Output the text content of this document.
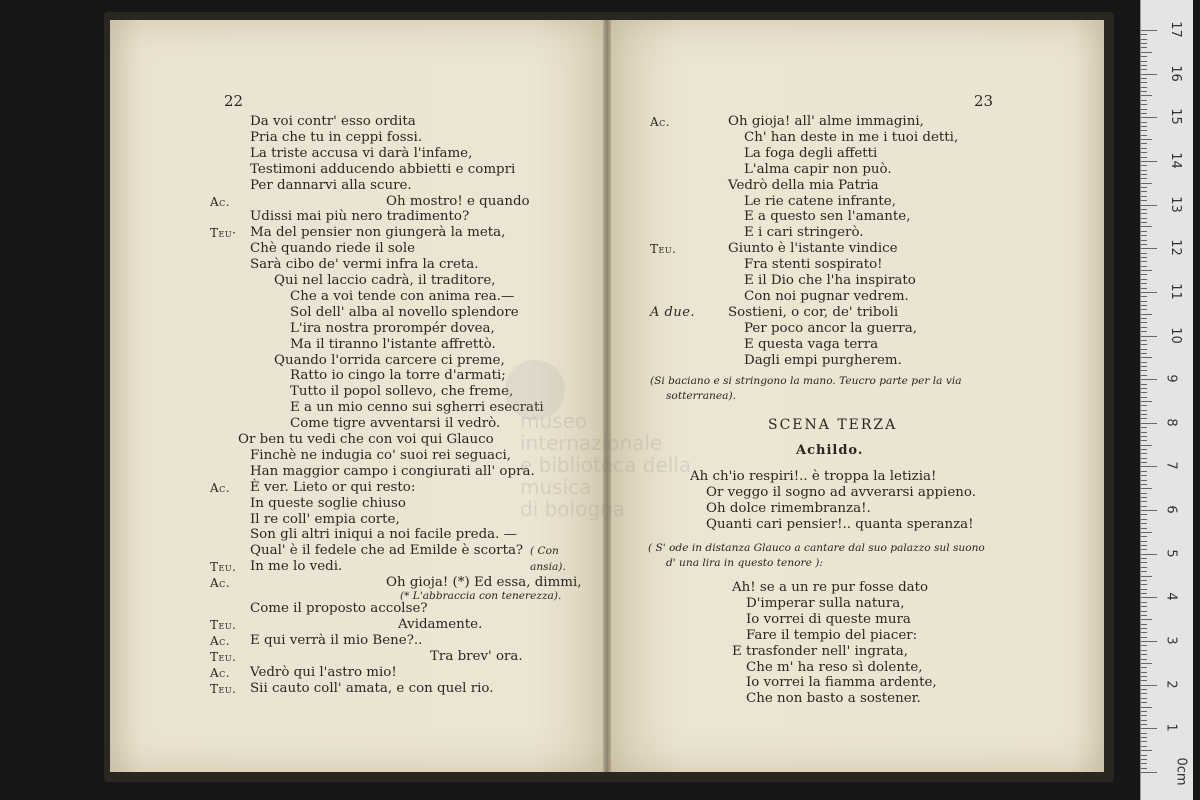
22
Da voi contr' esso ordita
Pria che tu in ceppi fossi.
La triste accusa vi darà l'infame,
Testimoni adducendo abbietti e compri
Per dannarvi alla scure.
Ac.	Oh mostro! e quando
Udissi mai più nero tradimento?
Teu· Ma del pensier non giungerà la meta,
Chè quando riede il sole
Sarà cibo de' vermi infra la creta.
Qui nel laccio cadrà, il traditore,
Che a voi tende con anima rea.—
Sol dell' alba al novello splendore
L'ira nostra prorompér dovea,
Ma il tiranno l'istante affrettò.
Quando l'orrida carcere ci preme,
Ratto io cingo la torre d'armati;
Tutto il popol sollevo, che freme,
E a un mio cenno sui sgherri esecrati
Come tigre avventarsi il vedrò.
Or ben tu vedi che con voi qui Glauco
Finchè ne indugia co' suoi rei seguaci,
Han maggior campo i congiurati all' opra.
Ac. È ver. Lieto or qui resto:
In queste soglie chiuso
Il re coll' empia corte,
Son gli altri iniqui a noi facile preda. —
Qual' è il fedele che ad Emilde è scorta? ( Con
Teu. In me lo vedi.	ansia).
Ac.	Oh gioja! (*) Ed essa, dimmi,
(* L'abbraccia con tenerezza).
Come il proposto accolse?
Teu.	Avidamente.
Ac. E qui verrà il mio Bene?..
Teu.	Tra brev' ora.
Ac. Vedrò qui l'astro mio!
Teu. Sii cauto coll' amata, e con quel rio.
23
Ac.	Oh gioja! all' alme immagini,
Ch' han deste in me i tuoi detti,
La foga degli affetti
L'alma capir non può.
Vedrò della mia Patria
Le rie catene infrante,
E a questo sen l'amante,
E i cari stringerò.
Teu.	Giunto è l'istante vindice
Fra stenti sospirato!
E il Dio che l'ha inspirato
Con noi pugnar vedrem.
A due. Sostieni, o cor, de' triboli
Per poco ancor la guerra,
E questa vaga terra
Dagli empi purgherem.
(Si baciano e si stringono la mano. Teucro parte per la via
sotterranea).
SCENA TERZA
Achildo.
Ah ch'io respiri!.. è troppa la letizia!
Or veggo il sogno ad avverarsi appieno.
Oh dolce rimembranza!.
Quanti cari pensier!.. quanta speranza!
( S' ode in distanza Glauco a cantare dal suo palazzo sul suono
d' una lira in questo tenore ):
Ah! se a un re pur fosse dato
D'imperar sulla natura,
Io vorrei di queste mura
Fare il tempio del piacer:
E trasfonder nell' ingrata,
Che m' ha reso sì dolente,
Io vorrei la fiamma ardente,
Che non basto a sostener.
17
16
15
14
13
12
11
10
9
8
7
6
5
4
3
2
1
0cm
